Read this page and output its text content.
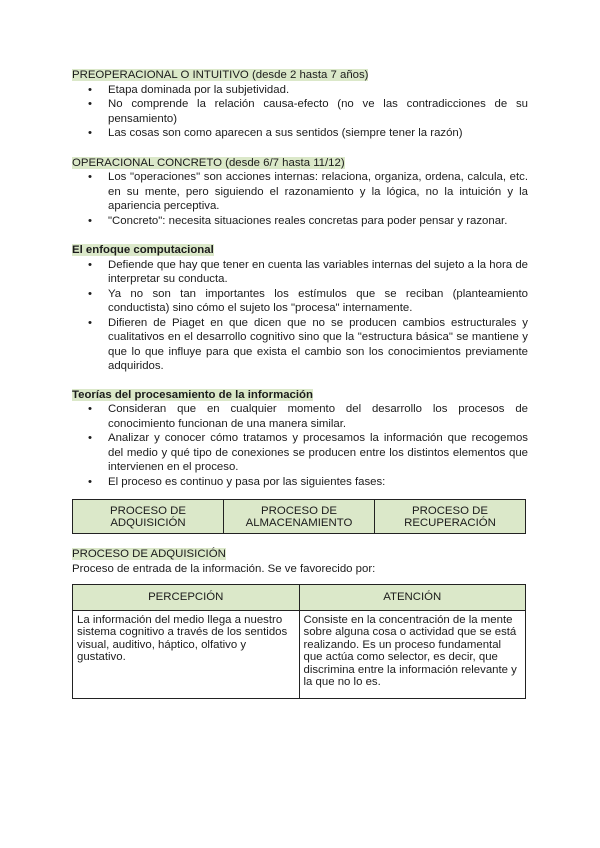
PREOPERACIONAL O INTUITIVO (desde 2 hasta 7 años)
• Etapa dominada por la subjetividad.
• No comprende la relación causa-efecto (no ve las contradicciones de su pensamiento)
• Las cosas son como aparecen a sus sentidos (siempre tener la razón)
OPERACIONAL CONCRETO (desde 6/7 hasta 11/12)
• Los "operaciones" son acciones internas: relaciona, organiza, ordena, calcula, etc. en su mente, pero siguiendo el razonamiento y la lógica, no la intuición y la apariencia perceptiva.
• "Concreto": necesita situaciones reales concretas para poder pensar y razonar.
El enfoque computacional
• Defiende que hay que tener en cuenta las variables internas del sujeto a la hora de interpretar su conducta.
• Ya no son tan importantes los estímulos que se reciban (planteamiento conductista) sino cómo el sujeto los "procesa" internamente.
• Difieren de Piaget en que dicen que no se producen cambios estructurales y cualitativos en el desarrollo cognitivo sino que la "estructura básica" se mantiene y que lo que influye para que exista el cambio son los conocimientos previamente adquiridos.
Teorías del procesamiento de la información
• Consideran que en cualquier momento del desarrollo los procesos de conocimiento funcionan de una manera similar.
• Analizar y conocer cómo tratamos y procesamos la información que recogemos del medio y qué tipo de conexiones se producen entre los distintos elementos que intervienen en el proceso.
• El proceso es continuo y pasa por las siguientes fases:
PROCESO DE
ADQUISICIÓN

PROCESO DE
ALMACENAMIENTO

PROCESO DE
RECUPERACIÓN
PROCESO DE ADQUISICIÓN
Proceso de entrada de la información. Se ve favorecido por:
PERCEPCIÓN	ATENCIÓN
La información del medio llega a nuestro sistema cognitivo a través de los sentidos visual, auditivo, háptico, olfativo y gustativo.	Consiste en la concentración de la mente sobre alguna cosa o actividad que se está realizando. Es un proceso fundamental que actúa como selector, es decir, que discrimina entre la información relevante y la que no lo es.
